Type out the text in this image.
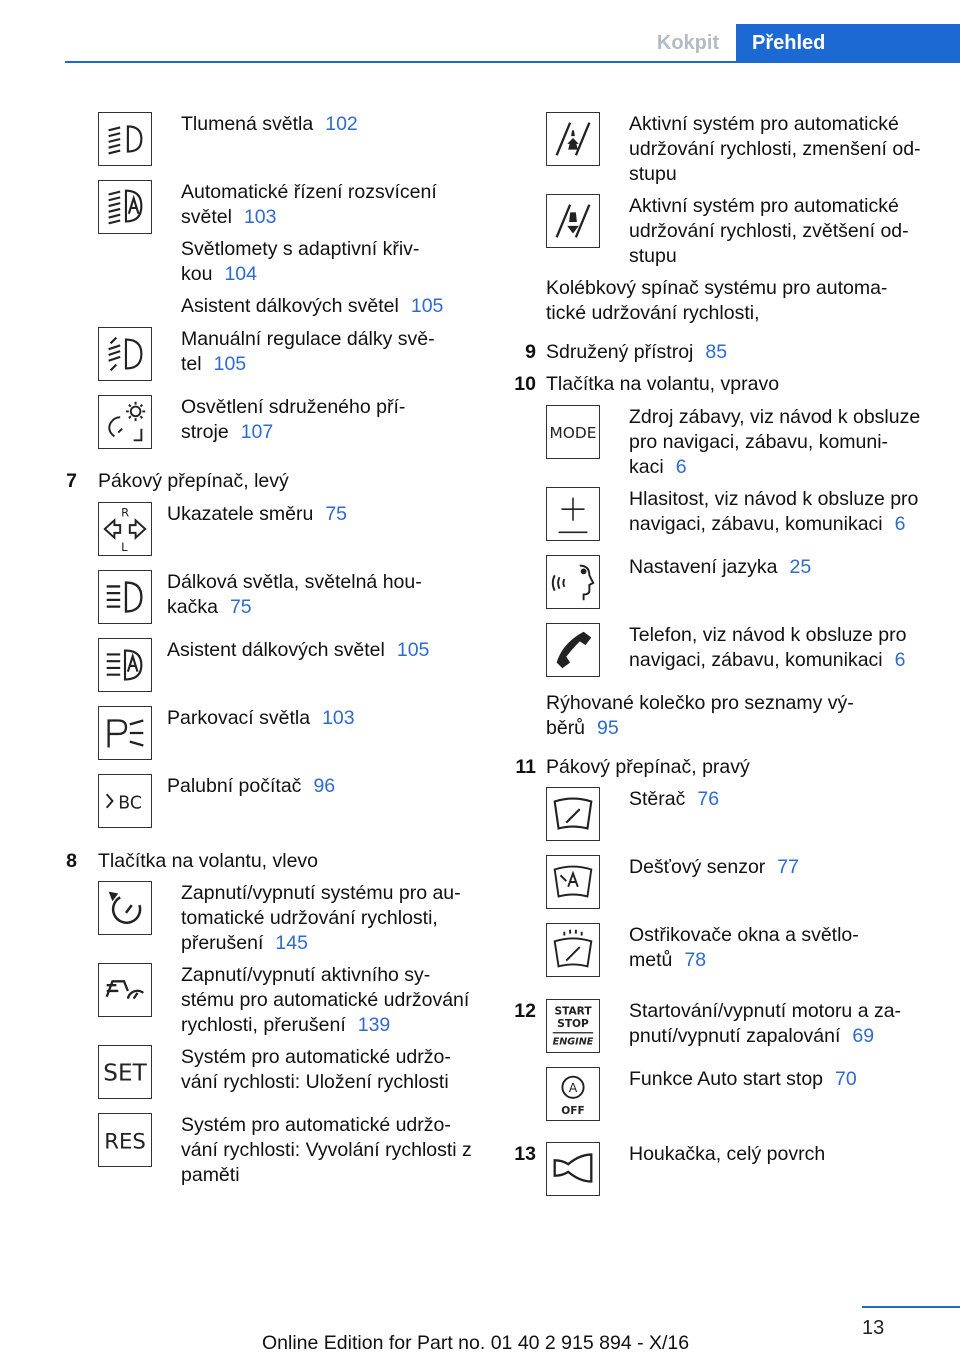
Kokpit	Přehled
Tlumená světla 102
Automatické řízení rozsvícení
světel 103
Světlomety s adaptivní křiv-
kou 104
Asistent dálkových světel 105
Manuální regulace dálky svě-
tel 105
Osvětlení sdruženého pří-
stroje 107
7 Pákový přepínač, levý
R
L
Ukazatele směru 75
Dálková světla, světelná hou-
kačka 75
Asistent dálkových světel 105
Parkovací světla 103
BC
Palubní počítač 96
8 Tlačítka na volantu, vlevo
Zapnutí/vypnutí systému pro au-
tomatické udržování rychlosti,
přerušení 145
Zapnutí/vypnutí aktivního sy-
stému pro automatické udržování
rychlosti, přerušení 139
SET
Systém pro automatické udržo-
vání rychlosti: Uložení rychlosti
RES
Systém pro automatické udržo-
vání rychlosti: Vyvolání rychlosti z
paměti
Aktivní systém pro automatické
udržování rychlosti, zmenšení od-
stupu
Aktivní systém pro automatické
udržování rychlosti, zvětšení od-
stupu
Kolébkový spínač systému pro automa-
tické udržování rychlosti,
9 Sdružený přístroj 85
10 Tlačítka na volantu, vpravo
MODE
Zdroj zábavy, viz návod k obsluze
pro navigaci, zábavu, komuni-
kaci 6
Hlasitost, viz návod k obsluze pro
navigaci, zábavu, komunikaci 6
Nastavení jazyka 25
Telefon, viz návod k obsluze pro
navigaci, zábavu, komunikaci 6
Rýhované kolečko pro seznamy vý-
běrů 95
11 Pákový přepínač, pravý
Stěrač 76
Dešťový senzor 77
Ostřikovače okna a světlo-
metů 78
12 START
STOP
ENGINE
Startování/vypnutí motoru a za-
pnutí/vypnutí zapalování 69
A
OFF
Funkce Auto start stop 70
13	Houkačka, celý povrch
13
Online Edition for Part no. 01 40 2 915 894 - X/16
